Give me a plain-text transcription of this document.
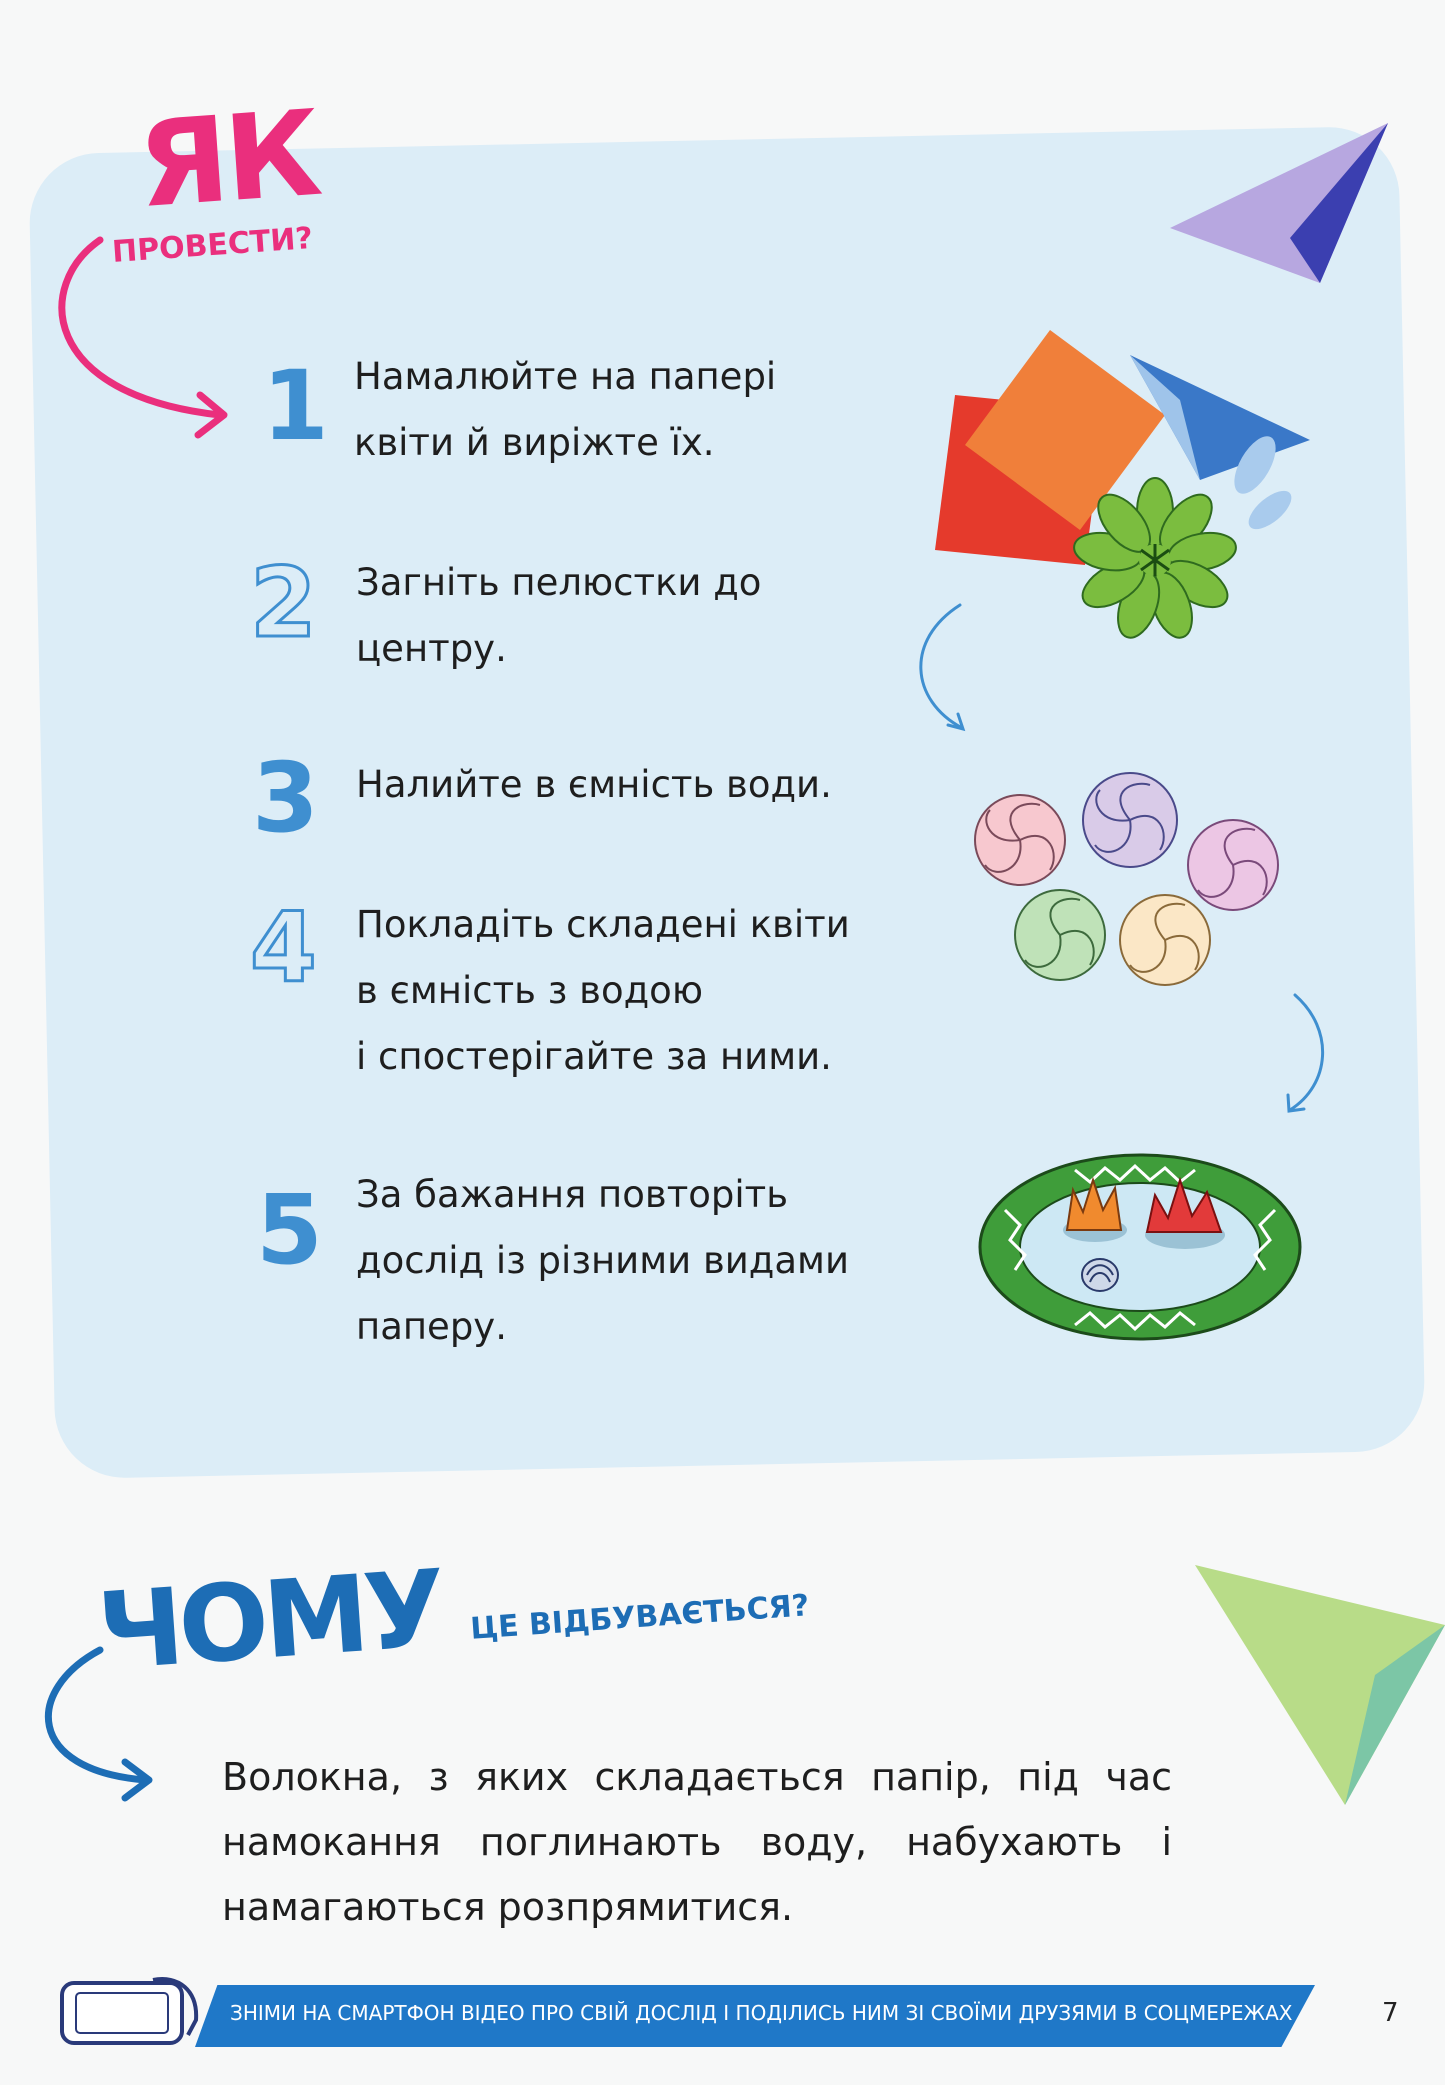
ЯК
ПРОВЕСТИ?
1 Намалюйте на папері
квіти й виріжте їх.

2 Загніть пелюстки до
центру.

3 Налийте в ємність води.

4 Покладіть складені квіти
в ємність з водою
і спостерігайте за ними.

5 За бажання повторіть
дослід із різними видами
паперу.

ЧОМУ ЦЕ ВІДБУВАЄТЬСЯ?

Волокна, з яких складається папір, під час намокання поглинають воду, набухають і намагаються розпрямитися.

ЗНІМИ НА СМАРТФОН ВІДЕО ПРО СВІЙ ДОСЛІД І ПОДІЛИСЬ НИМ ЗІ СВОЇМИ ДРУЗЯМИ В СОЦМЕРЕЖАХ	7
